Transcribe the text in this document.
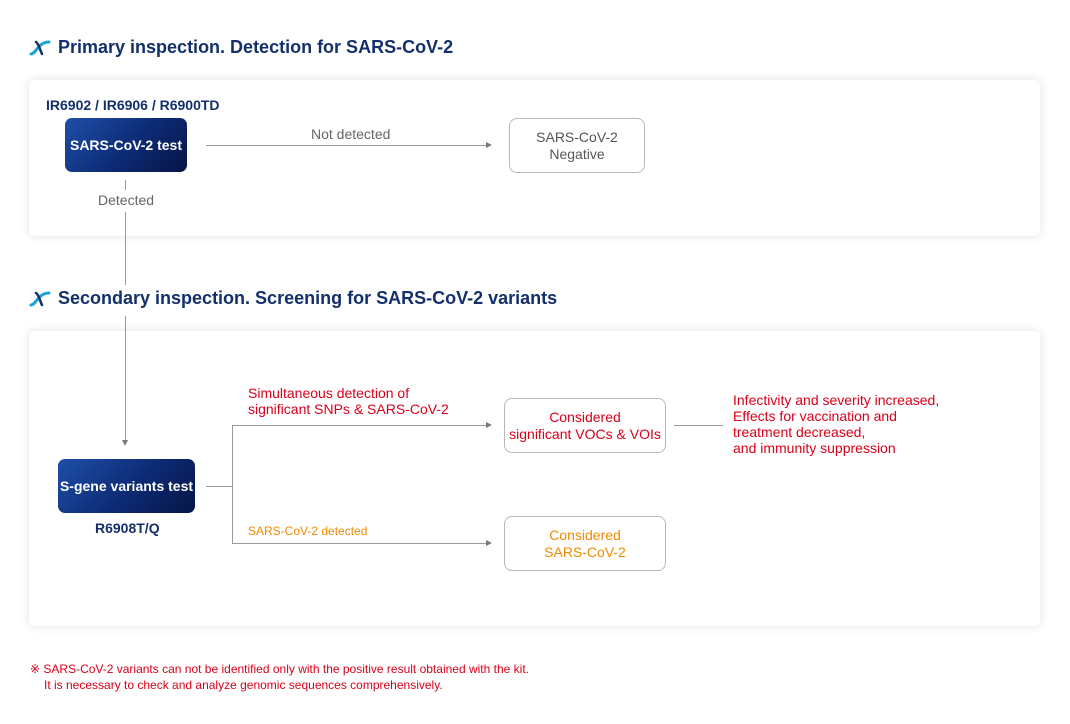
Primary inspection. Detection for SARS-CoV-2
IR6902 / IR6906 / R6900TD
SARS-CoV-2 test
Not detected	SARS-CoV-2
Negative
Detected
Secondary inspection. Screening for SARS-CoV-2 variants
S-gene variants test
R6908T/Q
Simultaneous detection of
significant SNPs & SARS-CoV-2
SARS-CoV-2 detected
Considered
significant VOCs & VOIs
Considered
SARS-CoV-2
Infectivity and severity increased,
Effects for vaccination and
treatment decreased,
and immunity suppression
※ SARS-CoV-2 variants can not be identified only with the positive result obtained with the kit.
It is necessary to check and analyze genomic sequences comprehensively.
